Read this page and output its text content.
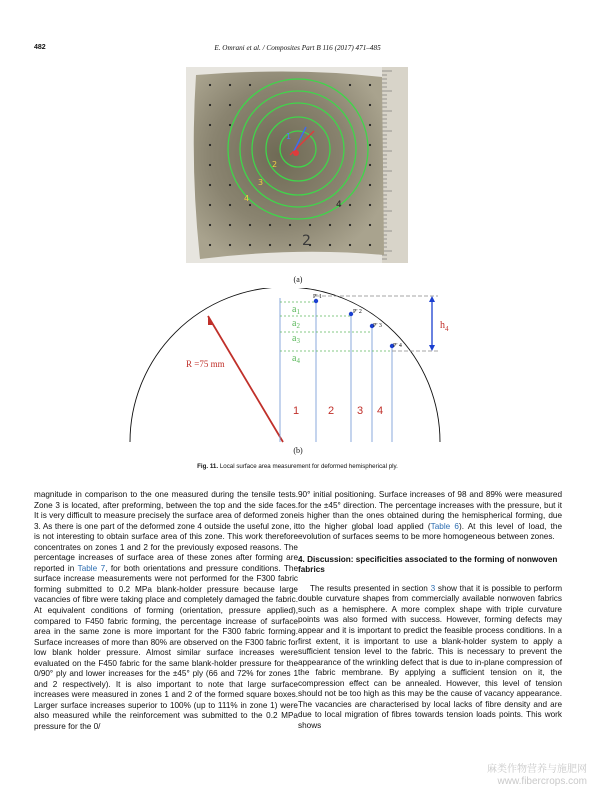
482	E. Omrani et al. / Composites Part B 116 (2017) 471–485
1
2
3
4
4
2
(a)
R =75 mm
$h_4$
P' 1
P' 2
P' 3
P' 4
$a_1$
$a_2$
$a_3$
$a_4$
1	2 3 4
(b)
Fig. 11. Local surface area measurement for deformed hemispherical ply.

magnitude in comparison to the one measured during the tensile tests. Zone 3 is located, after preforming, between the top and the side faces. It is very difficult to measure precisely the surface area of deformed zone 3. As there is one part of the deformed zone 4 outside the useful zone, it is not interesting to obtain surface area of this zone. This work therefore concentrates on zones 1 and 2 for the previously exposed reasons. The percentage increases of surface area of these zones after forming are reported in Table 7, for both orientations and pressure conditions. The surface increase measurements were not performed for the F300 fabric forming submitted to 0.2 MPa blank-holder pressure because large vacancies of fibre were taking place and completely damaged the fabric. At equivalent conditions of forming (orientation, pressure applied), compared to F450 fabric forming, the percentage increase of surface area in the same zone is more important for the F300 fabric forming. Surface increases of more than 80% are observed on the F300 fabric for low blank holder pressure. Almost similar surface increases were evaluated on the F450 fabric for the same blank-holder pressure for the 0/90° ply and lower increases for the ±45° ply (66 and 72% for zones 1 and 2 respectively). It is also important to note that large surface increases were measured in zones 1 and 2 of the formed square boxes. Larger surface increases superior to 100% (up to 111% in zone 1) were also measured while the reinforcement was submitted to the 0.2 MPa pressure for the 0/

90° initial positioning. Surface increases of 98 and 89% were measured for the ±45° direction. The percentage increases with the pressure, but it is higher than the ones obtained during the hemispherical forming, due to the higher global load applied (Table 6). At this level of load, the evolution of surfaces seems to be more homogeneous between zones.

4. Discussion: specificities associated to the forming of nonwoven fabrics

The results presented in section 3 show that it is possible to perform double curvature shapes from commercially available nonwoven fabrics such as a hemisphere. A more complex shape with triple curvature points was also formed with success. However, forming defects may appear and it is important to predict the feasible process conditions. In a first extent, it is important to use a blank-holder system to apply a sufficient tension level to the fabric. This is necessary to prevent the appearance of the wrinkling defect that is due to in-plane compression of the fabric membrane. By applying a sufficient tension on it, the compression effect can be annealed. However, this level of tension should not be too high as this may be the cause of vacancy appearance. The vacancies are characterised by local lacks of fibre density and are due to local migration of fibres towards tension loads points. This work shows

麻类作物营养与施肥网
www.fibercrops.com
